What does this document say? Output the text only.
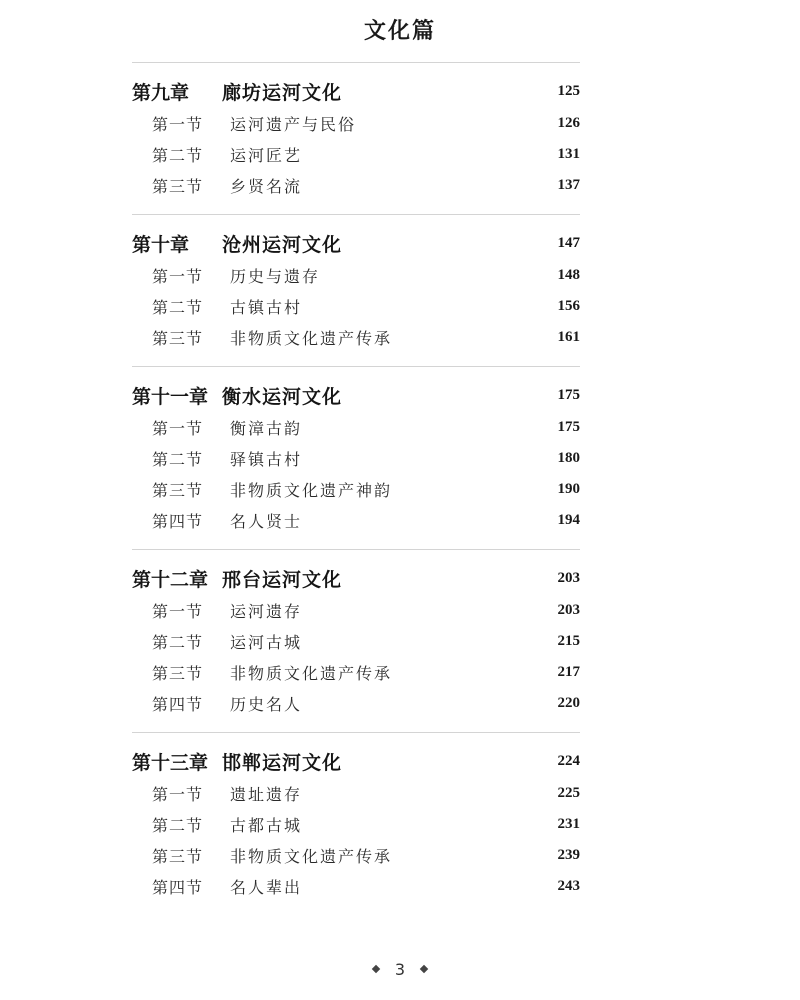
文化篇
第九章	廊坊运河文化	125
第一节	运河遗产与民俗	126
第二节	运河匠艺	131
第三节	乡贤名流	137
第十章	沧州运河文化	147
第一节	历史与遗存	148
第二节	古镇古村	156
第三节	非物质文化遗产传承	161
第十一章 衡水运河文化	175
第一节	衡漳古韵	175
第二节	驿镇古村	180
第三节	非物质文化遗产神韵	190
第四节	名人贤士	194
第十二章 邢台运河文化	203
第一节	运河遗存	203
第二节	运河古城	215
第三节	非物质文化遗产传承	217
第四节	历史名人	220
第十三章 邯郸运河文化	224
第一节	遗址遗存	225
第二节	古都古城	231
第三节	非物质文化遗产传承	239
第四节	名人辈出	243
3
